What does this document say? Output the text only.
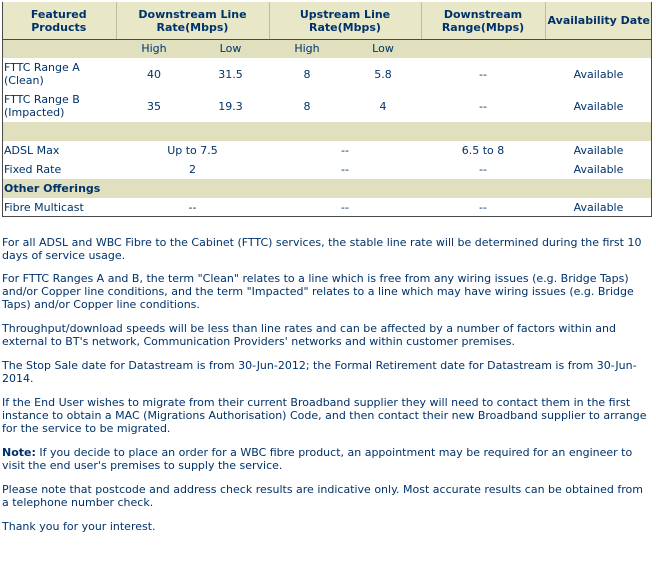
Featured Products	Downstream Line Rate(Mbps)		Upstream Line Rate(Mbps)		Downstream Range(Mbps)	Availability Date
	High	Low	High	Low		
FTTC Range A (Clean)	40	31.5	8	5.8	--	Available
FTTC Range B (Impacted)	35	19.3	8	4	--	Available

ADSL Max	Up to 7.5		--		6.5 to 8	Available
Fixed Rate	2		--		--	Available
Other Offerings						
Fibre Multicast	--		--		--	Available

For all ADSL and WBC Fibre to the Cabinet (FTTC) services, the stable line rate will be determined during the first 10 days of service usage.

For FTTC Ranges A and B, the term "Clean" relates to a line which is free from any wiring issues (e.g. Bridge Taps) and/or Copper line conditions, and the term "Impacted" relates to a line which may have wiring issues (e.g. Bridge Taps) and/or Copper line conditions.

Throughput/download speeds will be less than line rates and can be affected by a number of factors within and external to BT's network, Communication Providers' networks and within customer premises.

The Stop Sale date for Datastream is from 30-Jun-2012; the Formal Retirement date for Datastream is from 30-Jun-2014.

If the End User wishes to migrate from their current Broadband supplier they will need to contact them in the first instance to obtain a MAC (Migrations Authorisation) Code, and then contact their new Broadband supplier to arrange for the service to be migrated.

Note: If you decide to place an order for a WBC fibre product, an appointment may be required for an engineer to visit the end user's premises to supply the service.

Please note that postcode and address check results are indicative only. Most accurate results can be obtained from a telephone number check.

Thank you for your interest.
